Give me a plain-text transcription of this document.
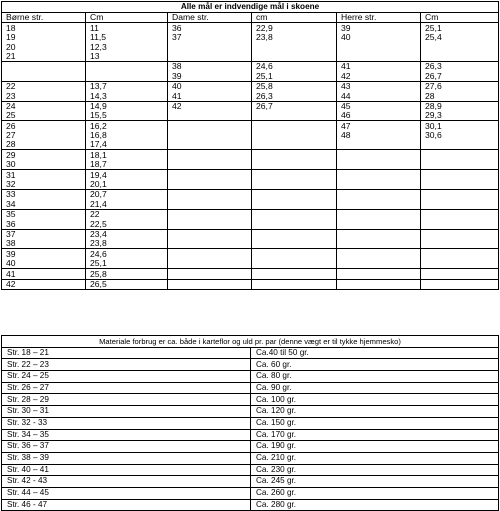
Alle mål er indvendige mål i skoene					
Børne str.	Cm	Dame str.	cm	Herre str.	Cm
18	11	36	22,9	39	25,1
19	11,5	37	23,8	40	25,4
20	12,3				
21	13				
		38	24,6	41	26,3
		39	25,1	42	26,7
22	13,7	40	25,8	43	27,6
23	14,3	41	26,3	44	28
24	14,9	42	26,7	45	28,9
25	15,5			46	29,3
26	16,2			47	30,1
27	16,8			48	30,6
28	17,4				
29	18,1				
30	18,7				
31	19,4				
32	20,1				
33	20,7				
34	21,4				
35	22				
36	22,5				
37	23,4				
38	23,8				
39	24,6				
40	25,1				
41	25,8				
42	26,5				
Materiale forbrug er ca. både i karteflor og uld pr. par (denne vægt er til tykke hjemmesko)	
Str. 18 – 21	Ca.40 til 50 gr.
Str. 22 – 23	Ca. 60 gr.
Str. 24 – 25	Ca. 80 gr.
Str. 26 – 27	Ca. 90 gr.
Str. 28 – 29	Ca. 100 gr.
Str. 30 – 31	Ca. 120 gr.
Str. 32 - 33	Ca. 150 gr.
Str. 34 – 35	Ca. 170 gr.
Str. 36 – 37	Ca. 190 gr.
Str. 38 – 39	Ca. 210 gr.
Str. 40 – 41	Ca. 230 gr.
Str. 42 - 43	Ca. 245 gr.
Str. 44 – 45	Ca. 260 gr.
Str. 46 - 47	Ca. 280 gr.
